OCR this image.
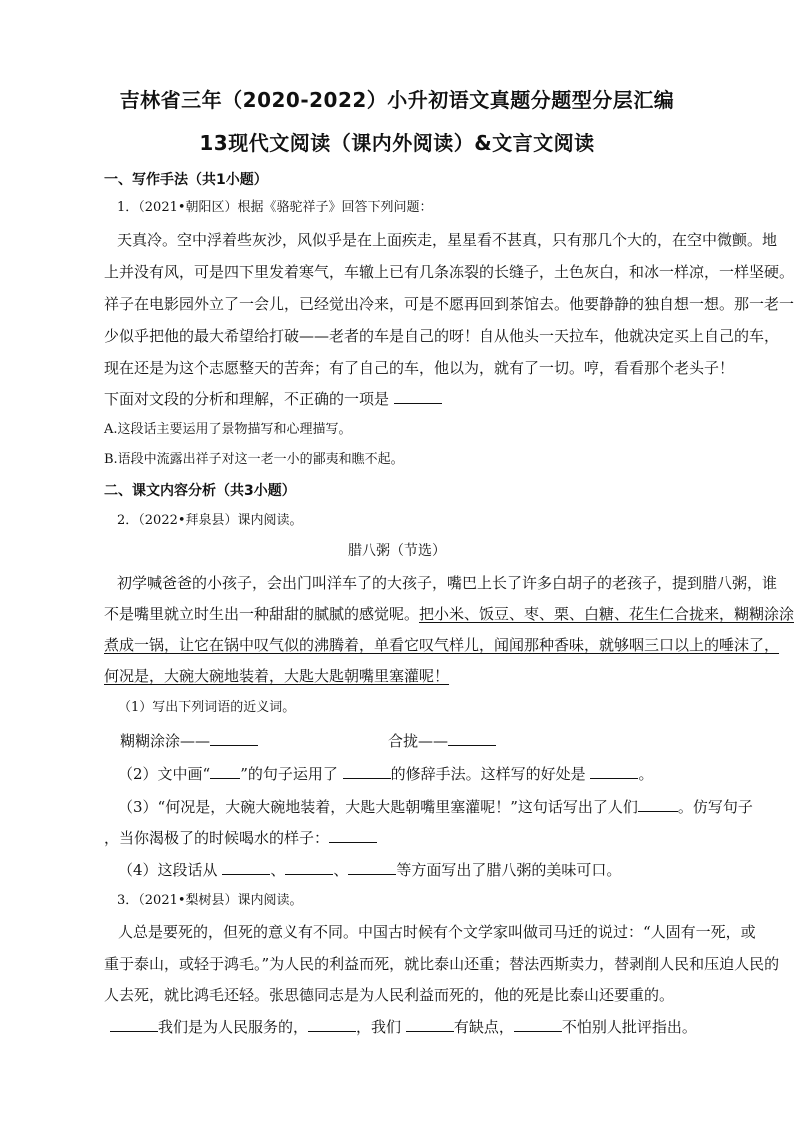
吉林省三年（2020-2022）小升初语文真题分题型分层汇编
13现代文阅读（课内外阅读）&文言文阅读
一、写作手法（共1小题）
1．（2021•朝阳区）根据《骆驼祥子》回答下列问题：
天真冷。空中浮着些灰沙，风似乎是在上面疾走，星星看不甚真，只有那几个大的，在空中微颤。地
上并没有风，可是四下里发着寒气，车辙上已有几条冻裂的长缝子，土色灰白，和冰一样凉，一样坚硬。
祥子在电影园外立了一会儿，已经觉出冷来，可是不愿再回到茶馆去。他要静静的独自想一想。那一老一
少似乎把他的最大希望给打破——老者的车是自己的呀！自从他头一天拉车，他就决定买上自己的车，
现在还是为这个志愿整天的苦奔；有了自己的车，他以为，就有了一切。哼，看看那个老头子！
下面对文段的分析和理解，不正确的一项是
A.这段话主要运用了景物描写和心理描写。
B.语段中流露出祥子对这一老一小的鄙夷和瞧不起。
二、课文内容分析（共3小题）
2．（2022•拜泉县）课内阅读。
腊八粥（节选）
初学喊爸爸的小孩子，会出门叫洋车了的大孩子，嘴巴上长了许多白胡子的老孩子，提到腊八粥，谁
不是嘴里就立时生出一种甜甜的腻腻的感觉呢。把小米、饭豆、枣、栗、白糖、花生仁合拢来，糊糊涂涂
煮成一锅，让它在锅中叹气似的沸腾着，单看它叹气样儿，闻闻那种香味，就够咽三口以上的唾沫了，
何况是，大碗大碗地装着，大匙大匙朝嘴里塞灌呢！
（1）写出下列词语的近义词。
糊糊涂涂——	合拢——
（2）文中画“ ”的句子运用了	的修辞手法。这样写的好处是	。
（3）“何况是，大碗大碗地装着，大匙大匙朝嘴里塞灌呢！”这句话写出了人们	。仿写句子
，当你渴极了的时候喝水的样子：
（4）这段话从	、	、	等方面写出了腊八粥的美味可口。
3．（2021•梨树县）课内阅读。
人总是要死的，但死的意义有不同。中国古时候有个文学家叫做司马迁的说过：“人固有一死，或
重于泰山，或轻于鸿毛。”为人民的利益而死，就比泰山还重；替法西斯卖力，替剥削人民和压迫人民的
人去死，就比鸿毛还轻。张思德同志是为人民利益而死的，他的死是比泰山还要重的。
我们是为人民服务的，	，我们	有缺点，	不怕别人批评指出。
